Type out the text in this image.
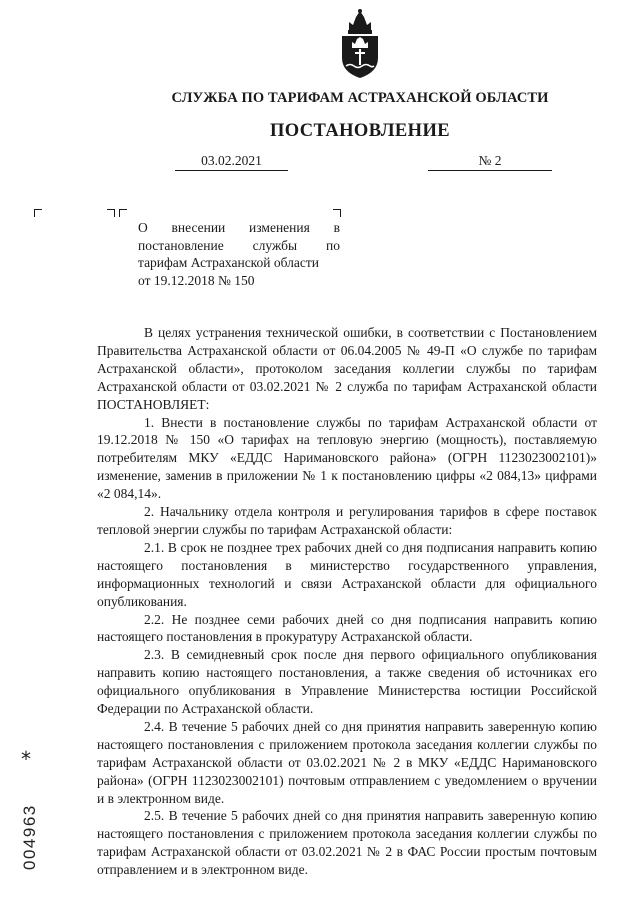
СЛУЖБА ПО ТАРИФАМ АСТРАХАНСКОЙ ОБЛАСТИ
ПОСТАНОВЛЕНИЕ
03.02.2021	№ 2
О внесении изменения в
постановление службы по
тарифам Астраханской области
от 19.12.2018 № 150

В целях устранения технической ошибки, в соответствии с Постановлением Правительства Астраханской области от 06.04.2005 № 49-П «О службе по тарифам Астраханской области», протоколом заседания коллегии службы по тарифам Астраханской области от 03.02.2021 № 2 служба по тарифам Астраханской области ПОСТАНОВЛЯЕТ:

1. Внести в постановление службы по тарифам Астраханской области от 19.12.2018 № 150 «О тарифах на тепловую энергию (мощность), поставляемую потребителям МКУ «ЕДДС Наримановского района» (ОГРН 1123023002101)» изменение, заменив в приложении № 1 к постановлению цифры «2 084,13» цифрами «2 084,14».

2. Начальнику отдела контроля и регулирования тарифов в сфере поставок тепловой энергии службы по тарифам Астраханской области:

2.1. В срок не позднее трех рабочих дней со дня подписания направить копию настоящего постановления в министерство государственного управления, информационных технологий и связи Астраханской области для официального опубликования.

2.2. Не позднее семи рабочих дней со дня подписания направить копию настоящего постановления в прокуратуру Астраханской области.

2.3. В семидневный срок после дня первого официального опубликования направить копию настоящего постановления, а также сведения об источниках его официального опубликования в Управление Министерства юстиции Российской Федерации по Астраханской области.

2.4. В течение 5 рабочих дней со дня принятия направить заверенную копию настоящего постановления с приложением протокола заседания коллегии службы по тарифам Астраханской области от 03.02.2021 № 2 в МКУ «ЕДДС Наримановского района» (ОГРН 1123023002101) почтовым отправлением с уведомлением о вручении и в электронном виде.

2.5. В течение 5 рабочих дней со дня принятия направить заверенную копию настоящего постановления с приложением протокола заседания коллегии службы по тарифам Астраханской области от 03.02.2021 № 2 в ФАС России простым почтовым отправлением и в электронном виде.

*
004963
